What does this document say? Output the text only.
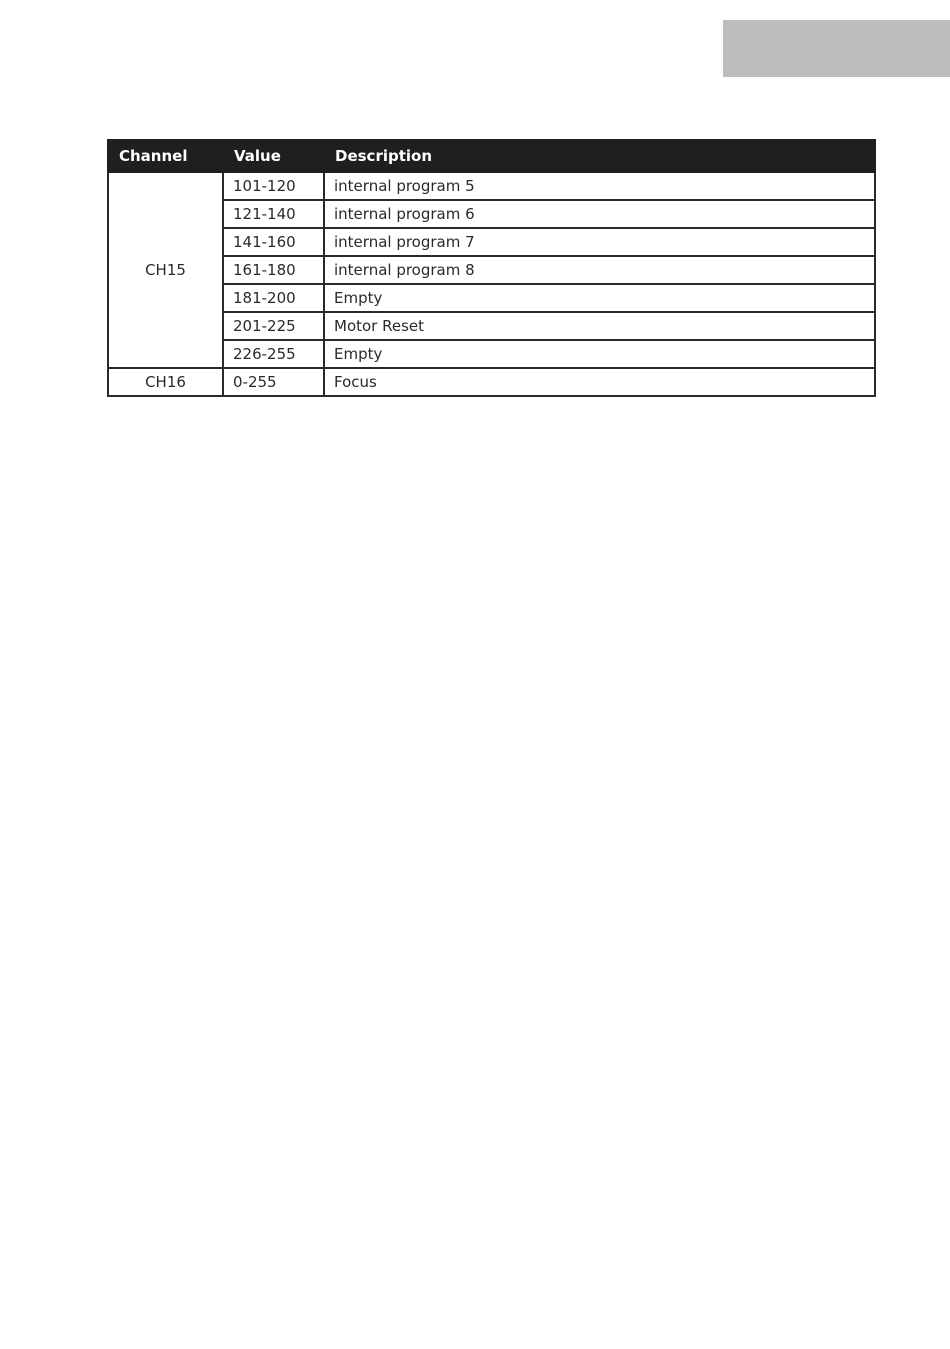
Channel	Value	Description
CH15	101-120	internal program 5
	121-140	internal program 6
	141-160	internal program 7
	161-180	internal program 8
	181-200	Empty
	201-225	Motor Reset
	226-255	Empty
CH16	0-255	Focus
